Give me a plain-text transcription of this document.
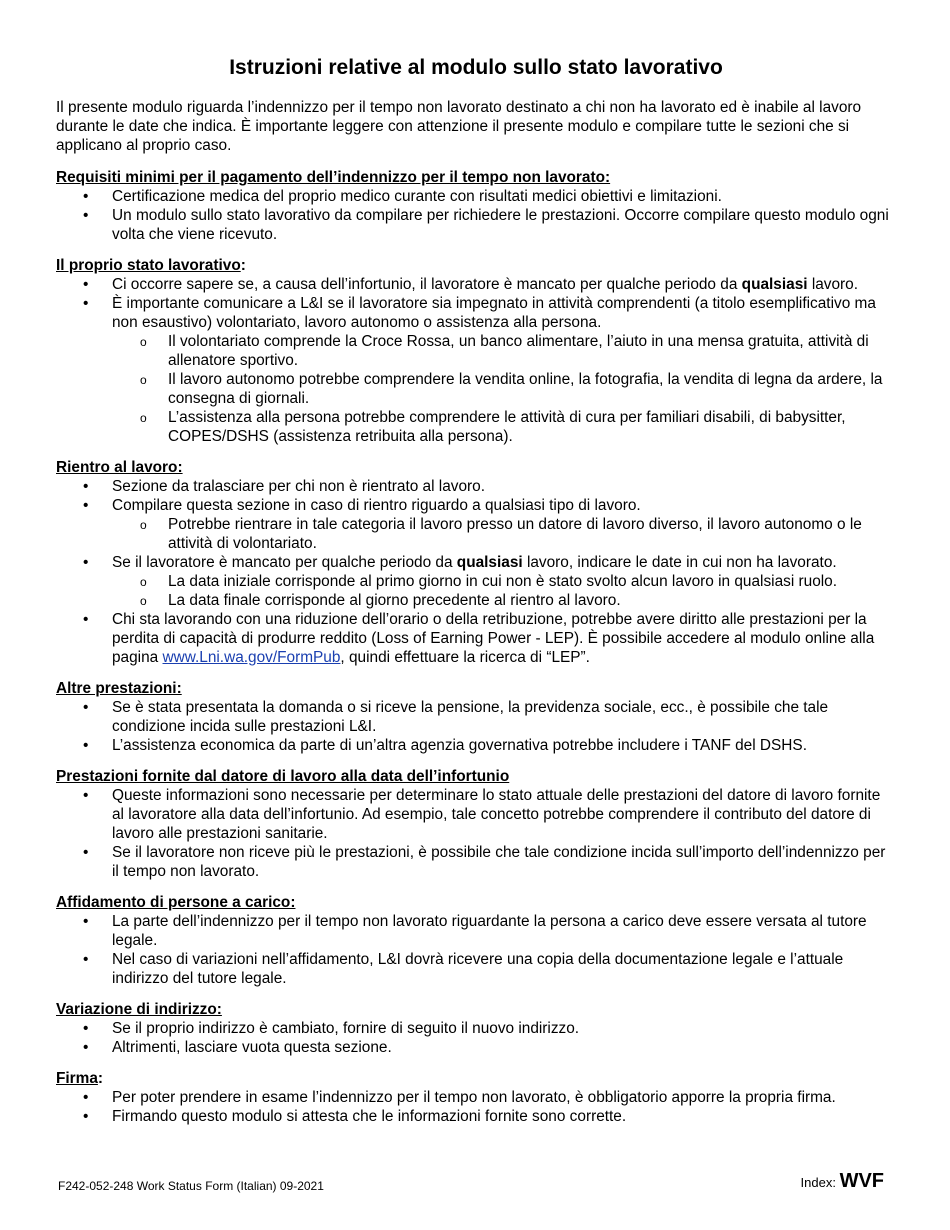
Istruzioni relative al modulo sullo stato lavorativo

Il presente modulo riguarda l’indennizzo per il tempo non lavorato destinato a chi non ha lavorato ed è inabile al lavoro durante le date che indica. È importante leggere con attenzione il presente modulo e compilare tutte le sezioni che si applicano al proprio caso.

Requisiti minimi per il pagamento dell’indennizzo per il tempo non lavorato:

• Certificazione medica del proprio medico curante con risultati medici obiettivi e limitazioni.
• Un modulo sullo stato lavorativo da compilare per richiedere le prestazioni. Occorre compilare questo modulo ogni volta che viene ricevuto.

Il proprio stato lavorativo:

• Ci occorre sapere se, a causa dell’infortunio, il lavoratore è mancato per qualche periodo da qualsiasi lavoro.
• È importante comunicare a L&I se il lavoratore sia impegnato in attività comprendenti (a titolo esemplificativo ma non esaustivo) volontariato, lavoro autonomo o assistenza alla persona.
o Il volontariato comprende la Croce Rossa, un banco alimentare, l’aiuto in una mensa gratuita, attività di allenatore sportivo.
o Il lavoro autonomo potrebbe comprendere la vendita online, la fotografia, la vendita di legna da ardere, la consegna di giornali.
o L’assistenza alla persona potrebbe comprendere le attività di cura per familiari disabili, di babysitter, COPES/DSHS (assistenza retribuita alla persona).

Rientro al lavoro:

• Sezione da tralasciare per chi non è rientrato al lavoro.
• Compilare questa sezione in caso di rientro riguardo a qualsiasi tipo di lavoro.
o Potrebbe rientrare in tale categoria il lavoro presso un datore di lavoro diverso, il lavoro autonomo o le attività di volontariato.
• Se il lavoratore è mancato per qualche periodo da qualsiasi lavoro, indicare le date in cui non ha lavorato.
o La data iniziale corrisponde al primo giorno in cui non è stato svolto alcun lavoro in qualsiasi ruolo.
o La data finale corrisponde al giorno precedente al rientro al lavoro.
• Chi sta lavorando con una riduzione dell’orario o della retribuzione, potrebbe avere diritto alle prestazioni per la perdita di capacità di produrre reddito (Loss of Earning Power - LEP). È possibile accedere al modulo online alla pagina www.Lni.wa.gov/FormPub, quindi effettuare la ricerca di “LEP”.

Altre prestazioni:

• Se è stata presentata la domanda o si riceve la pensione, la previdenza sociale, ecc., è possibile che tale condizione incida sulle prestazioni L&I.
• L’assistenza economica da parte di un’altra agenzia governativa potrebbe includere i TANF del DSHS.

Prestazioni fornite dal datore di lavoro alla data dell’infortunio

• Queste informazioni sono necessarie per determinare lo stato attuale delle prestazioni del datore di lavoro fornite al lavoratore alla data dell’infortunio. Ad esempio, tale concetto potrebbe comprendere il contributo del datore di lavoro alle prestazioni sanitarie.
• Se il lavoratore non riceve più le prestazioni, è possibile che tale condizione incida sull’importo dell’indennizzo per il tempo non lavorato.

Affidamento di persone a carico:

• La parte dell’indennizzo per il tempo non lavorato riguardante la persona a carico deve essere versata al tutore legale.
• Nel caso di variazioni nell’affidamento, L&I dovrà ricevere una copia della documentazione legale e l’attuale indirizzo del tutore legale.

Variazione di indirizzo:

• Se il proprio indirizzo è cambiato, fornire di seguito il nuovo indirizzo.
• Altrimenti, lasciare vuota questa sezione.

Firma:

• Per poter prendere in esame l’indennizzo per il tempo non lavorato, è obbligatorio apporre la propria firma.
• Firmando questo modulo si attesta che le informazioni fornite sono corrette.
F242-052-248 Work Status Form (Italian) 09-2021	Index: WVF
